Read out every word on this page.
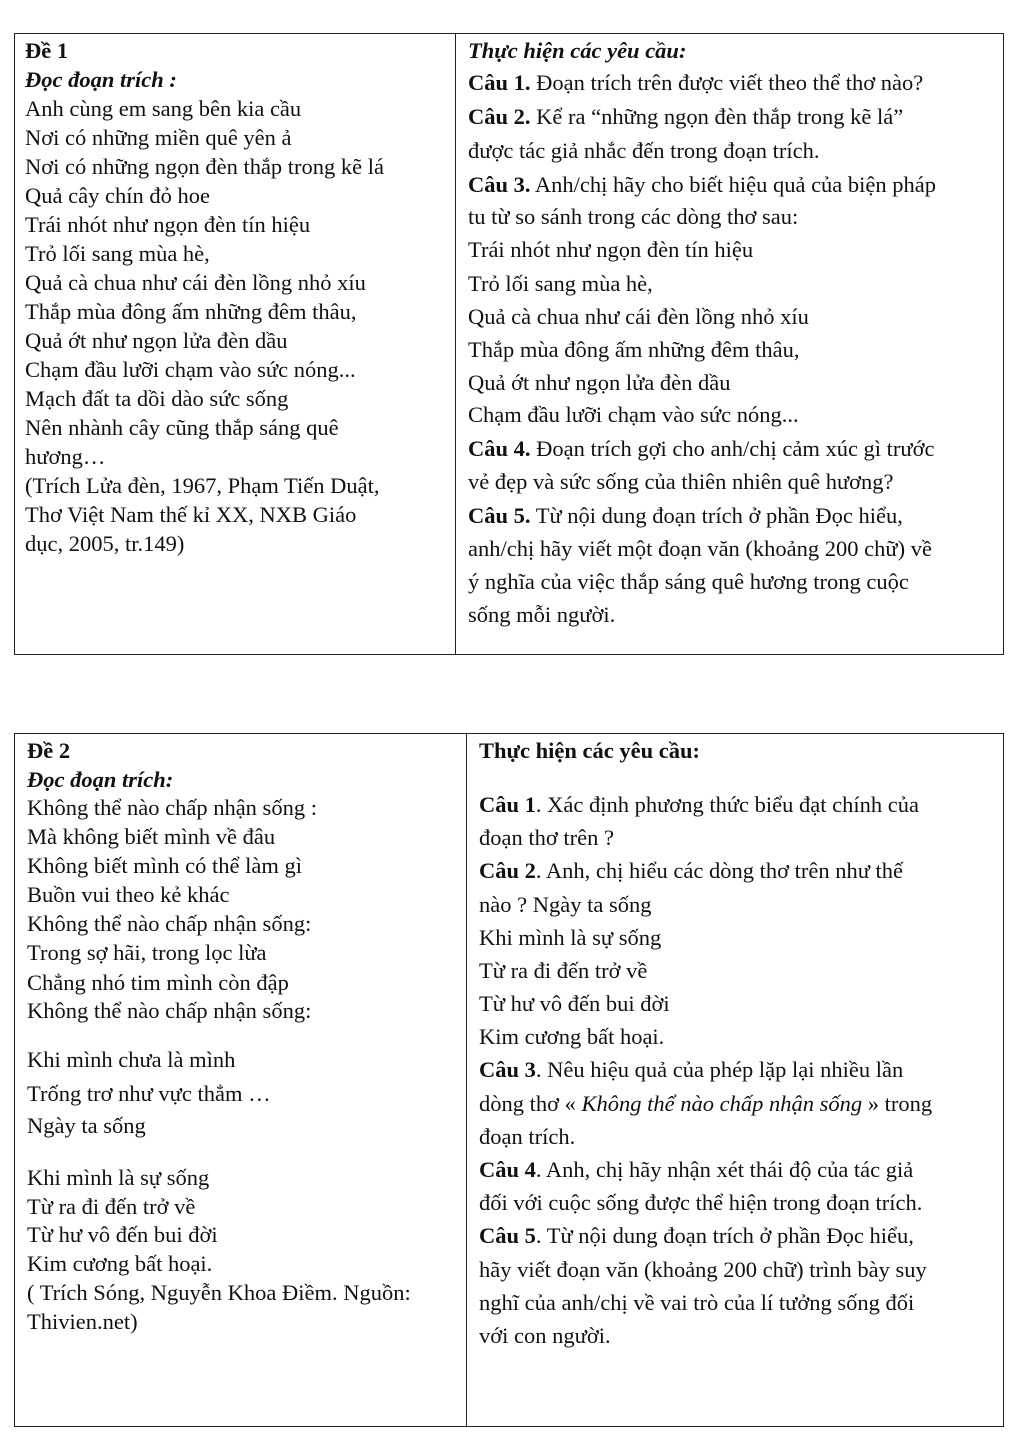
Đề 1
Đọc đoạn trích :
Anh cùng em sang bên kia cầu
Nơi có những miền quê yên ả
Nơi có những ngọn đèn thắp trong kẽ lá
Quả cây chín đỏ hoe
Trái nhót như ngọn đèn tín hiệu
Trỏ lối sang mùa hè,
Quả cà chua như cái đèn lồng nhỏ xíu
Thắp mùa đông ấm những đêm thâu,
Quả ớt như ngọn lửa đèn dầu
Chạm đầu lưỡi chạm vào sức nóng...
Mạch đất ta dồi dào sức sống
Nên nhành cây cũng thắp sáng quê
hương…
(Trích Lửa đèn, 1967, Phạm Tiến Duật,
Thơ Việt Nam thế kỉ XX, NXB Giáo
dục, 2005, tr.149)
Thực hiện các yêu cầu:
Câu 1. Đoạn trích trên được viết theo thể thơ nào?
Câu 2. Kể ra “những ngọn đèn thắp trong kẽ lá”
được tác giả nhắc đến trong đoạn trích.
Câu 3. Anh/chị hãy cho biết hiệu quả của biện pháp
tu từ so sánh trong các dòng thơ sau:
Trái nhót như ngọn đèn tín hiệu
Trỏ lối sang mùa hè,
Quả cà chua như cái đèn lồng nhỏ xíu
Thắp mùa đông ấm những đêm thâu,
Quả ớt như ngọn lửa đèn dầu
Chạm đầu lưỡi chạm vào sức nóng...
Câu 4. Đoạn trích gợi cho anh/chị cảm xúc gì trước
vẻ đẹp và sức sống của thiên nhiên quê hương?
Câu 5. Từ nội dung đoạn trích ở phần Đọc hiểu,
anh/chị hãy viết một đoạn văn (khoảng 200 chữ) về
ý nghĩa của việc thắp sáng quê hương trong cuộc
sống mỗi người.
Đề 2
Đọc đoạn trích:
Không thể nào chấp nhận sống :
Mà không biết mình về đâu
Không biết mình có thể làm gì
Buồn vui theo kẻ khác
Không thể nào chấp nhận sống:
Trong sợ hãi, trong lọc lừa
Chẳng nhó tim mình còn đập
Không thể nào chấp nhận sống:
Khi mình chưa là mình
Trống trơ như vực thẳm …
Ngày ta sống
Khi mình là sự sống
Từ ra đi đến trở về
Từ hư vô đến bui đời
Kim cương bất hoại.
( Trích Sóng, Nguyễn Khoa Điềm. Nguồn:
Thivien.net)
Thực hiện các yêu cầu:
Câu 1. Xác định phương thức biểu đạt chính của
đoạn thơ trên ?
Câu 2. Anh, chị hiểu các dòng thơ trên như thế
nào ? Ngày ta sống
Khi mình là sự sống
Từ ra đi đến trở về
Từ hư vô đến bui đời
Kim cương bất hoại.
Câu 3. Nêu hiệu quả của phép lặp lại nhiều lần
dòng thơ « Không thể nào chấp nhận sống » trong
đoạn trích.
Câu 4. Anh, chị hãy nhận xét thái độ của tác giả
đối với cuộc sống được thể hiện trong đoạn trích.
Câu 5. Từ nội dung đoạn trích ở phần Đọc hiểu,
hãy viết đoạn văn (khoảng 200 chữ) trình bày suy
nghĩ của anh/chị về vai trò của lí tưởng sống đối
với con người.
